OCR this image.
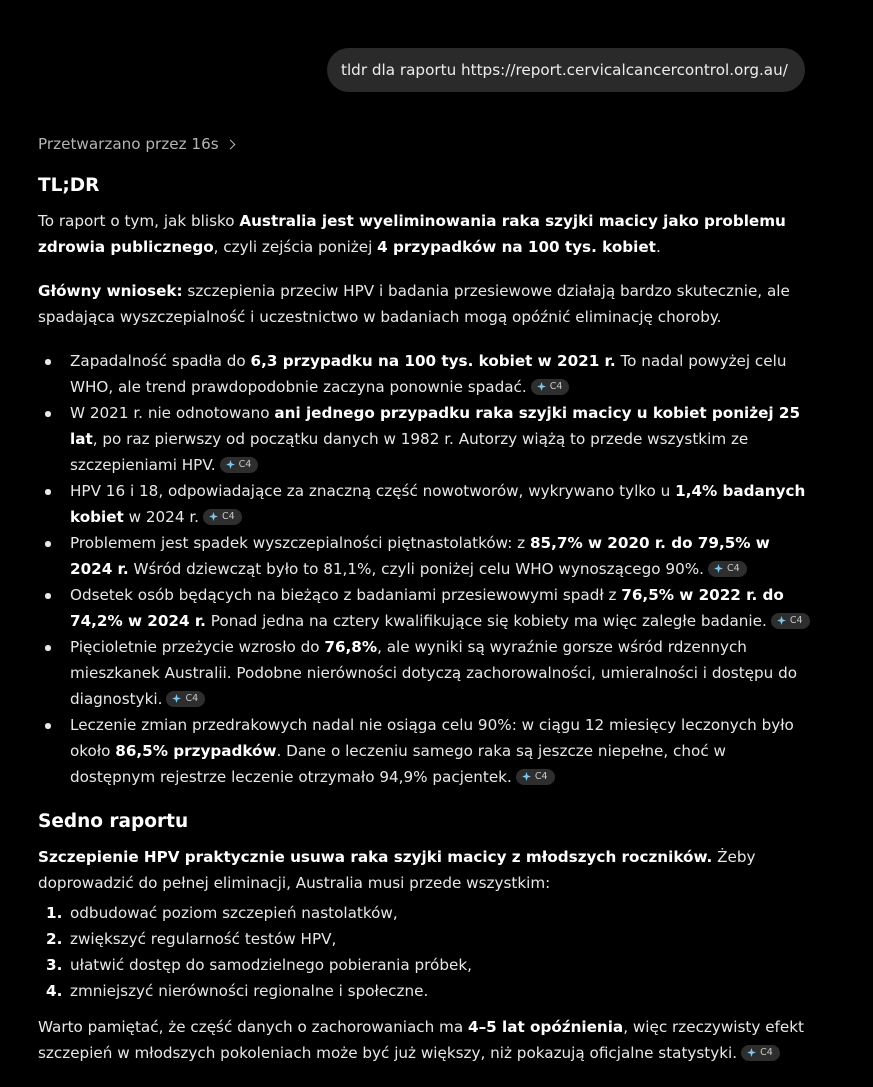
tldr dla raportu https://report.cervicalcancercontrol.org.au/
Przetwarzano przez 16s
TL;DR

To raport o tym, jak blisko Australia jest wyeliminowania raka szyjki macicy jako problemu zdrowia publicznego, czyli zejścia poniżej 4 przypadków na 100 tys. kobiet.

Główny wniosek: szczepienia przeciw HPV i badania przesiewowe działają bardzo skutecznie, ale spadająca wyszczepialność i uczestnictwo w badaniach mogą opóźnić eliminację choroby.

Zapadalność spadła do 6,3 przypadku na 100 tys. kobiet w 2021 r. To nadal powyżej celu WHO, ale trend prawdopodobnie zaczyna ponownie spadać. C4
W 2021 r. nie odnotowano ani jednego przypadku raka szyjki macicy u kobiet poniżej 25 lat, po raz pierwszy od początku danych w 1982 r. Autorzy wiążą to przede wszystkim ze szczepieniami HPV. C4
HPV 16 i 18, odpowiadające za znaczną część nowotworów, wykrywano tylko u 1,4% badanych kobiet w 2024 r. C4
Problemem jest spadek wyszczepialności piętnastolatków: z 85,7% w 2020 r. do 79,5% w 2024 r. Wśród dziewcząt było to 81,1%, czyli poniżej celu WHO wynoszącego 90%. C4
Odsetek osób będących na bieżąco z badaniami przesiewowymi spadł z 76,5% w 2022 r. do 74,2% w 2024 r. Ponad jedna na cztery kwalifikujące się kobiety ma więc zaległe badanie. C4
Pięcioletnie przeżycie wzrosło do 76,8%, ale wyniki są wyraźnie gorsze wśród rdzennych mieszkanek Australii. Podobne nierówności dotyczą zachorowalności, umieralności i dostępu do diagnostyki. C4
Leczenie zmian przedrakowych nadal nie osiąga celu 90%: w ciągu 12 miesięcy leczonych było około 86,5% przypadków. Dane o leczeniu samego raka są jeszcze niepełne, choć w dostępnym rejestrze leczenie otrzymało 94,9% pacjentek. C4
Sedno raportu

Szczepienie HPV praktycznie usuwa raka szyjki macicy z młodszych roczników. Żeby doprowadzić do pełnej eliminacji, Australia musi przede wszystkim:

1. odbudować poziom szczepień nastolatków,
2. zwiększyć regularność testów HPV,
3. ułatwić dostęp do samodzielnego pobierania próbek,
4. zmniejszyć nierówności regionalne i społeczne.

Warto pamiętać, że część danych o zachorowaniach ma 4–5 lat opóźnienia, więc rzeczywisty efekt szczepień w młodszych pokoleniach może być już większy, niż pokazują oficjalne statystyki. C4
